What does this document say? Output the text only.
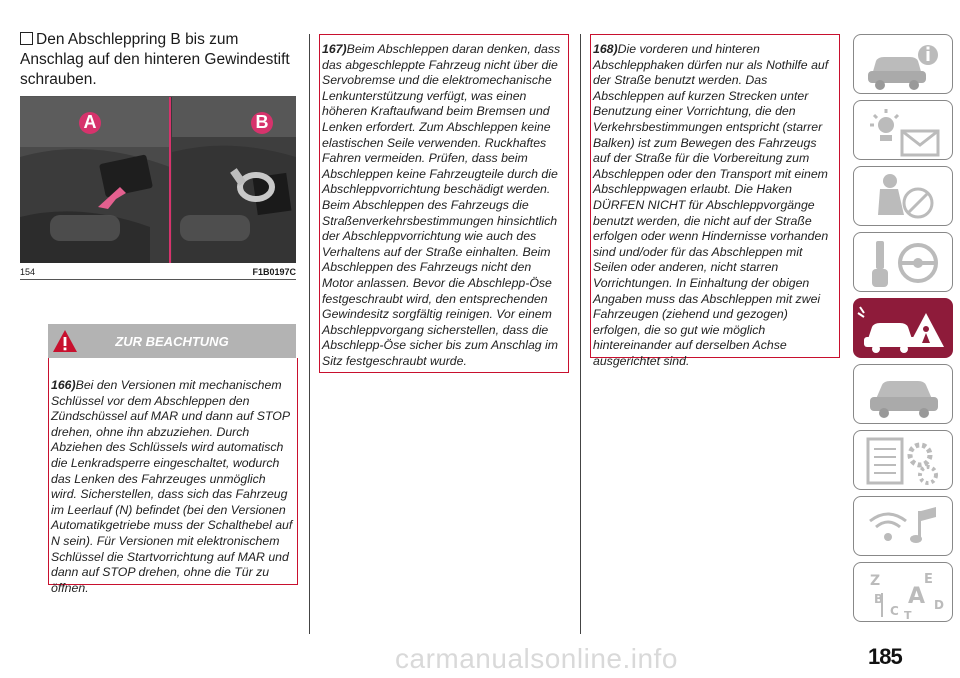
Den Abschleppring B bis zum Anschlag auf den hinteren Gewindestift schrauben.
A	B
154	F1B0197C
ZUR BEACHTUNG

166)Bei den Versionen mit mechanischem Schlüssel vor dem Abschleppen den Zündschüssel auf MAR und dann auf STOP drehen, ohne ihn abzuziehen. Durch Abziehen des Schlüssels wird automatisch die Lenkradsperre eingeschaltet, wodurch das Lenken des Fahrzeuges unmöglich wird. Sicherstellen, dass sich das Fahrzeug im Leerlauf (N) befindet (bei den Versionen Automatikgetriebe muss der Schalthebel auf N sein). Für Versionen mit elektronischem Schlüssel die Startvorrichtung auf MAR und dann auf STOP drehen, ohne die Tür zu öffnen.

167)Beim Abschleppen daran denken, dass das abgeschleppte Fahrzeug nicht über die Servobremse und die elektromechanische Lenkunterstützung verfügt, was einen höheren Kraftaufwand beim Bremsen und Lenken erfordert. Zum Abschleppen keine elastischen Seile verwenden. Ruckhaftes Fahren vermeiden. Prüfen, dass beim Abschleppen keine Fahrzeugteile durch die Abschleppvorrichtung beschädigt werden. Beim Abschleppen des Fahrzeugs die Straßenverkehrsbestimmungen hinsichtlich der Abschleppvorrichtung wie auch des Verhaltens auf der Straße einhalten. Beim Abschleppen des Fahrzeugs nicht den Motor anlassen. Bevor die Abschlepp-Öse festgeschraubt wird, den entsprechenden Gewindesitz sorgfältig reinigen. Vor einem Abschleppvorgang sicherstellen, dass die Abschlepp-Öse sicher bis zum Anschlag im Sitz festgeschraubt wurde.

168)Die vorderen und hinteren Abschlepphaken dürfen nur als Nothilfe auf der Straße benutzt werden. Das Abschleppen auf kurzen Strecken unter Benutzung einer Vorrichtung, die den Verkehrsbestimmungen entspricht (starrer Balken) ist zum Bewegen des Fahrzeugs auf der Straße für die Vorbereitung zum Abschleppen oder den Transport mit einem Abschleppwagen erlaubt. Die Haken DÜRFEN NICHT für Abschleppvorgänge benutzt werden, die nicht auf der Straße erfolgen oder wenn Hindernisse vorhanden sind und/oder für das Abschleppen mit Seilen oder anderen, nicht starren Vorrichtungen. In Einhaltung der obigen Angaben muss das Abschleppen mit zwei Fahrzeugen (ziehend und gezogen) erfolgen, die so gut wie möglich hintereinander auf derselben Achse ausgerichtet sind.

Z	E
B A
C	D
T
185
carmanualsonline.info
